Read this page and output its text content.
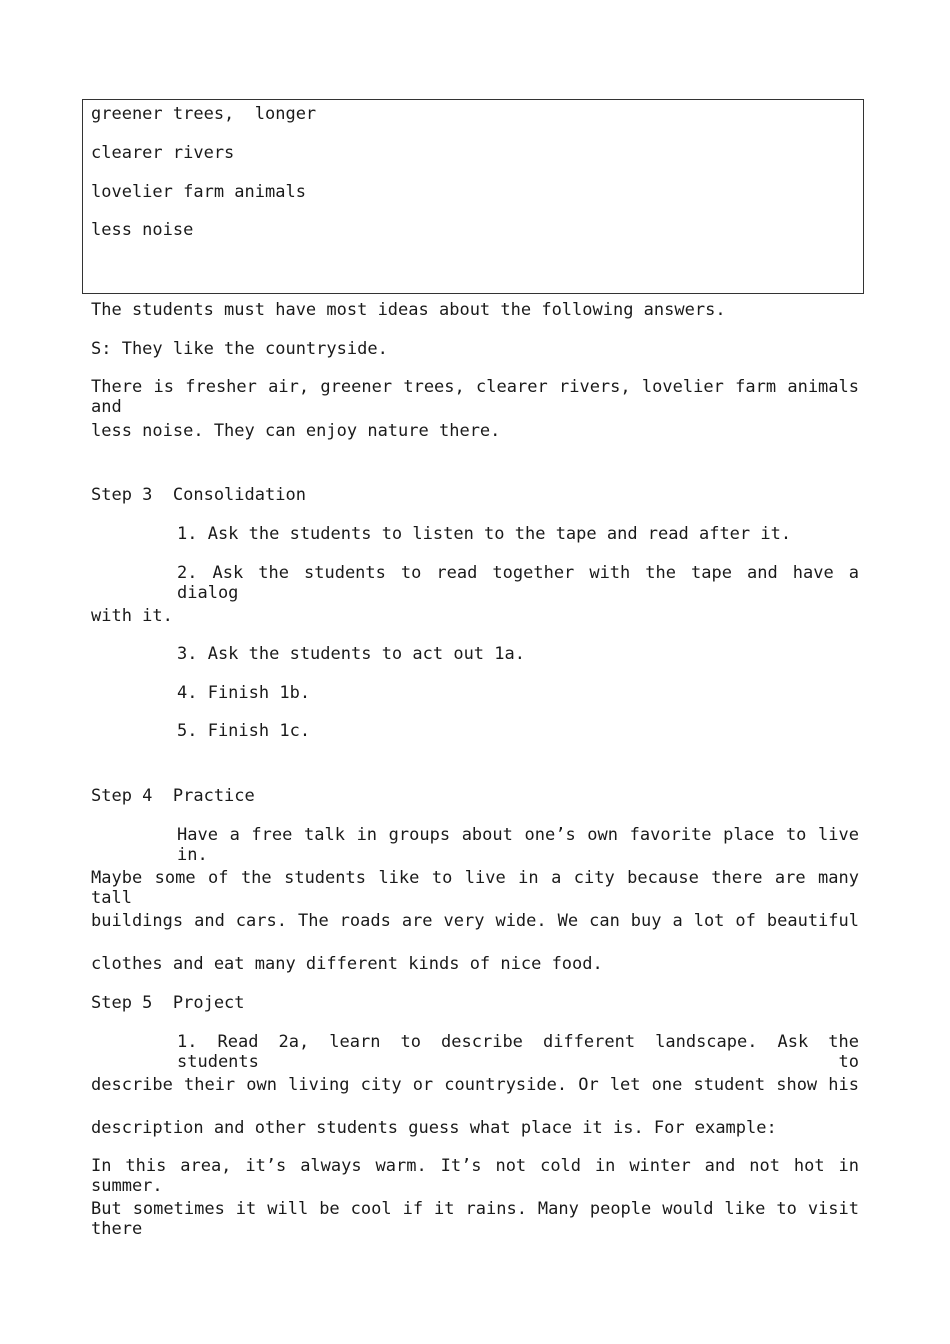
greener trees,  longer
clearer rivers
lovelier farm animals
less noise
The students must have most ideas about the following answers.
S: They like the countryside.
There is fresher air, greener trees, clearer rivers, lovelier farm animals and
less noise. They can enjoy nature there.
Step 3  Consolidation
1. Ask the students to listen to the tape and read after it.
2. Ask the students to read together with the tape and have a dialog
with it.
3. Ask the students to act out 1a.
4. Finish 1b.
5. Finish 1c.
Step 4  Practice
Have a free talk in groups about one’s own favorite place to live in.
Maybe some of the students like to live in a city because there are many tall
buildings and cars. The roads are very wide. We can buy a lot of beautiful
clothes and eat many different kinds of nice food.
Step 5  Project
1. Read 2a, learn to describe different landscape. Ask the students to
describe their own living city or countryside. Or let one student show his
description and other students guess what place it is. For example:
In this area, it’s always warm. It’s not cold in winter and not hot in summer.
But sometimes it will be cool if it rains. Many people would like to visit there
